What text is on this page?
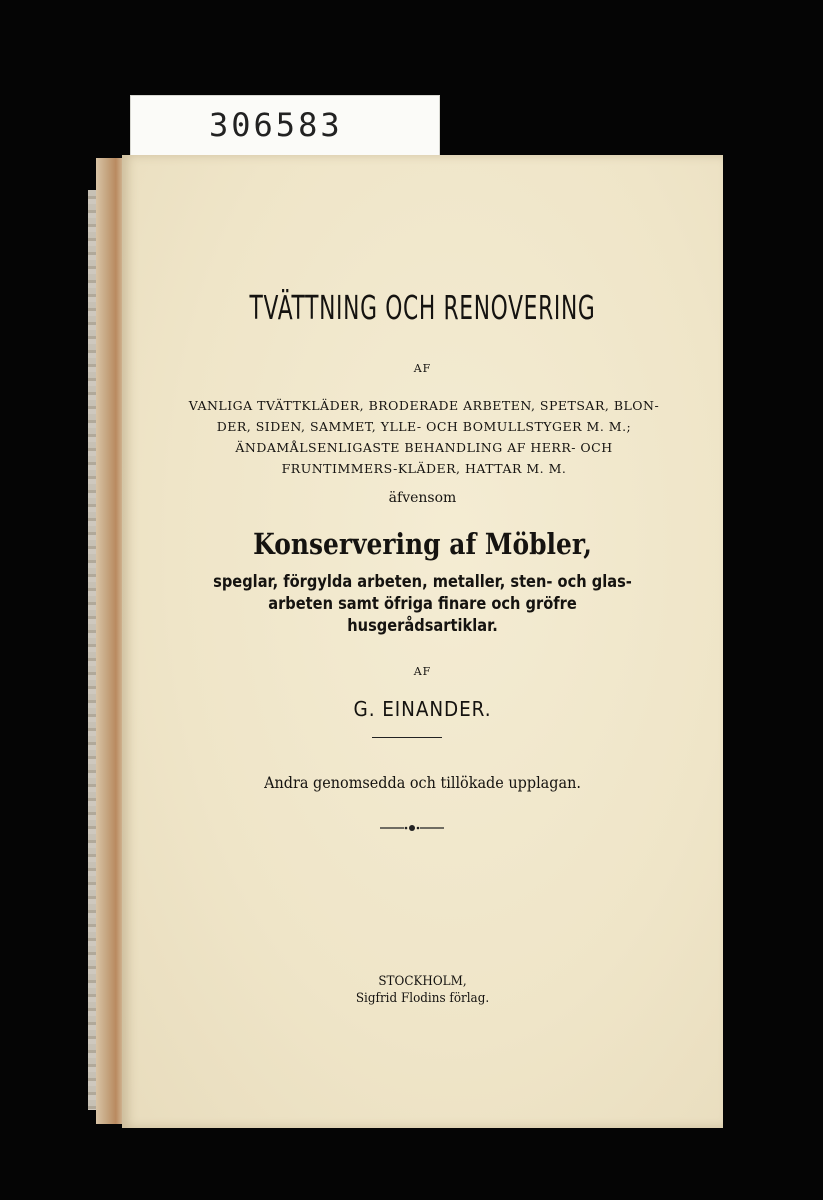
306583
TVÄTTNING OCH RENOVERING
AF
VANLIGA TVÄTTKLÄDER, BRODERADE ARBETEN, SPETSAR, BLON-
DER, SIDEN, SAMMET, YLLE- OCH BOMULLSTYGER M. M.;
ÄNDAMÅLSENLIGASTE BEHANDLING AF HERR- OCH
FRUNTIMMERS-KLÄDER, HATTAR M. M.
äfvensom
Konservering af Möbler,
speglar, förgylda arbeten, metaller, sten- och glas-
arbeten samt öfriga finare och gröfre
husgerådsartiklar.
AF
G. EINANDER.
Andra genomsedda och tillökade upplagan.
STOCKHOLM,
Sigfrid Flodins förlag.
